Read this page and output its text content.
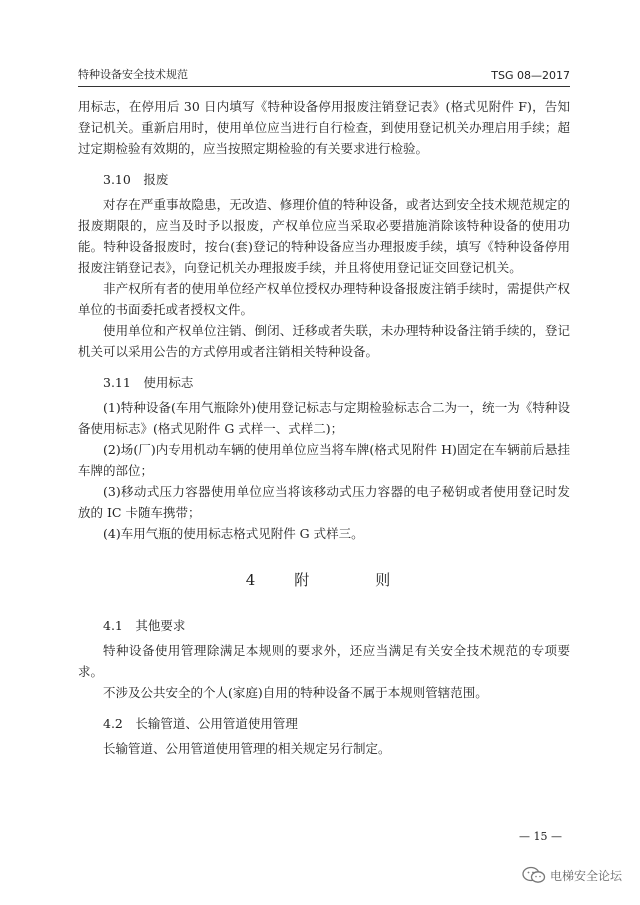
特种设备安全技术规范	TSG 08—2017

用标志，在停用后 30 日内填写《特种设备停用报废注销登记表》(格式见附件 F)，告知登记机关。重新启用时，使用单位应当进行自行检查，到使用登记机关办理启用手续；超过定期检验有效期的，应当按照定期检验的有关要求进行检验。

3.10　报废

对存在严重事故隐患，无改造、修理价值的特种设备，或者达到安全技术规范规定的报废期限的，应当及时予以报废，产权单位应当采取必要措施消除该特种设备的使用功能。特种设备报废时，按台(套)登记的特种设备应当办理报废手续，填写《特种设备停用报废注销登记表》，向登记机关办理报废手续，并且将使用登记证交回登记机关。

非产权所有者的使用单位经产权单位授权办理特种设备报废注销手续时，需提供产权单位的书面委托或者授权文件。

使用单位和产权单位注销、倒闭、迁移或者失联，未办理特种设备注销手续的，登记机关可以采用公告的方式停用或者注销相关特种设备。

3.11　使用标志

(1)特种设备(车用气瓶除外)使用登记标志与定期检验标志合二为一，统一为《特种设备使用标志》(格式见附件 G 式样一、式样二)；

(2)场(厂)内专用机动车辆的使用单位应当将车牌(格式见附件 H)固定在车辆前后悬挂车牌的部位；

(3)移动式压力容器使用单位应当将该移动式压力容器的电子秘钥或者使用登记时发放的 IC 卡随车携带；

(4)车用气瓶的使用标志格式见附件 G 式样三。

4　附　　则
4.1　其他要求

特种设备使用管理除满足本规则的要求外，还应当满足有关安全技术规范的专项要求。

不涉及公共安全的个人(家庭)自用的特种设备不属于本规则管辖范围。

4.2　长输管道、公用管道使用管理

长输管道、公用管道使用管理的相关规定另行制定。

— 15 —
电梯安全论坛
